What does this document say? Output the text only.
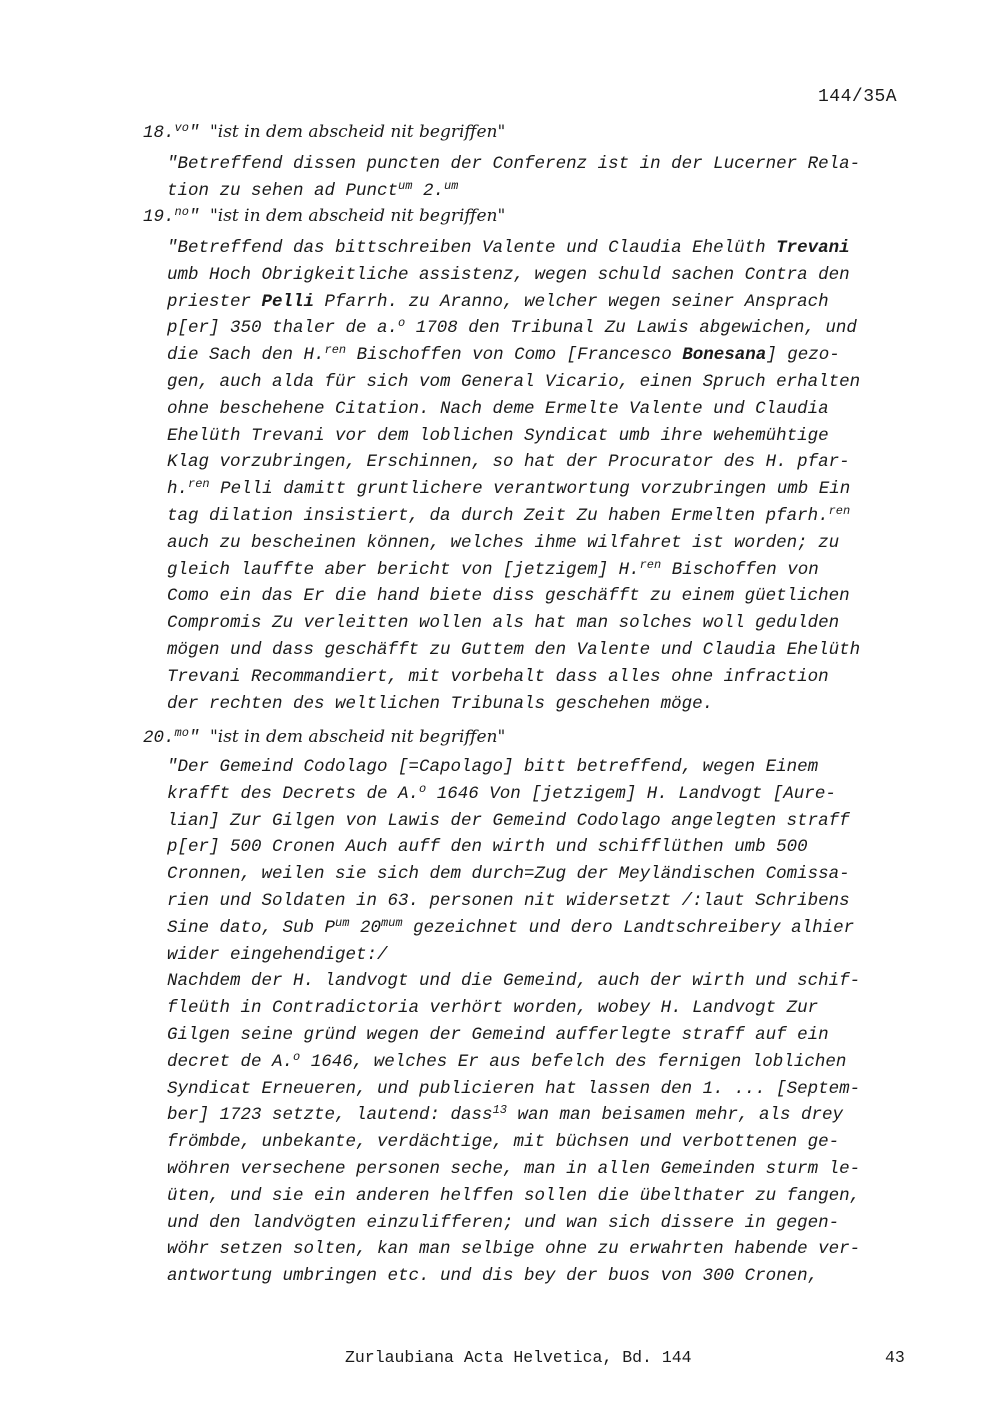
144/35A
18.$^{vo}$" "ist in dem abscheid nit begriffen"
"Betreffend dissen puncten der Conferenz ist in der Lucerner Rela-
tion zu sehen ad Punct$^{um}$ 2.$^{um}$
19.$^{no}$" "ist in dem abscheid nit begriffen"
"Betreffend das bittschreiben Valente und Claudia Ehelüth Trevani
umb Hoch Obrigkeitliche assistenz, wegen schuld sachen Contra den
priester Pelli Pfarrh. zu Aranno, welcher wegen seiner Ansprach
p[er] 350 thaler de a.$^o$ 1708 den Tribunal Zu Lawis abgewichen, und
die Sach den H.$^{ren}$ Bischoffen von Como [Francesco Bonesana] gezo-
gen, auch alda für sich vom General Vicario, einen Spruch erhalten
ohne beschehene Citation. Nach deme Ermelte Valente und Claudia
Ehelüth Trevani vor dem loblichen Syndicat umb ihre wehemühtige
Klag vorzubringen, Erschinnen, so hat der Procurator des H. pfar-
h.$^{ren}$ Pelli damitt gruntlichere verantwortung vorzubringen umb Ein
tag dilation insistiert, da durch Zeit Zu haben Ermelten pfarh.$^{ren}$
auch zu bescheinen können, welches ihme wilfahret ist worden; zu
gleich lauffte aber bericht von [jetzigem] H.$^{ren}$ Bischoffen von
Como ein das Er die hand biete diss geschäfft zu einem güetlichen
Compromis Zu verleitten wollen als hat man solches woll gedulden
mögen und dass geschäfft zu Guttem den Valente und Claudia Ehelüth
Trevani Recommandiert, mit vorbehalt dass alles ohne infraction
der rechten des weltlichen Tribunals geschehen möge.
20.$^{mo}$" "ist in dem abscheid nit begriffen"
"Der Gemeind Codolago [=Capolago] bitt betreffend, wegen Einem
krafft des Decrets de A.$^o$ 1646 Von [jetzigem] H. Landvogt [Aure-
lian] Zur Gilgen von Lawis der Gemeind Codolago angelegten straff
p[er] 500 Cronen Auch auff den wirth und schifflüthen umb 500
Cronnen, weilen sie sich dem durch=Zug der Meyländischen Comissa-
rien und Soldaten in 63. personen nit widersetzt /:laut Schribens
Sine dato, Sub $P^{um}$ $20^{mum}$ gezeichnet und dero Landtschreibery alhier
wider eingehendiget:/
Nachdem der H. landvogt und die Gemeind, auch der wirth und schif-
fleüth in Contradictoria verhört worden, wobey H. Landvogt Zur
Gilgen seine gründ wegen der Gemeind aufferlegte straff auf ein
decret de A.$^o$ 1646, welches Er aus befelch des fernigen loblichen
Syndicat Erneueren, und publicieren hat lassen den 1. ... [Septem-
ber] 1723 setzte, lautend: dass$^{13}$ wan man beisamen mehr, als drey
frömbde, unbekante, verdächtige, mit büchsen und verbottenen ge-
wöhren versechene personen seche, man in allen Gemeinden sturm le-
üten, und sie ein anderen helffen sollen die übelthater zu fangen,
und den landvögten einzulifferen; und wan sich dissere in gegen-
wöhr setzen solten, kan man selbige ohne zu erwahrten habende ver-
antwortung umbringen etc. und dis bey der buos von 300 Cronen,
Zurlaubiana Acta Helvetica, Bd. 144	43
